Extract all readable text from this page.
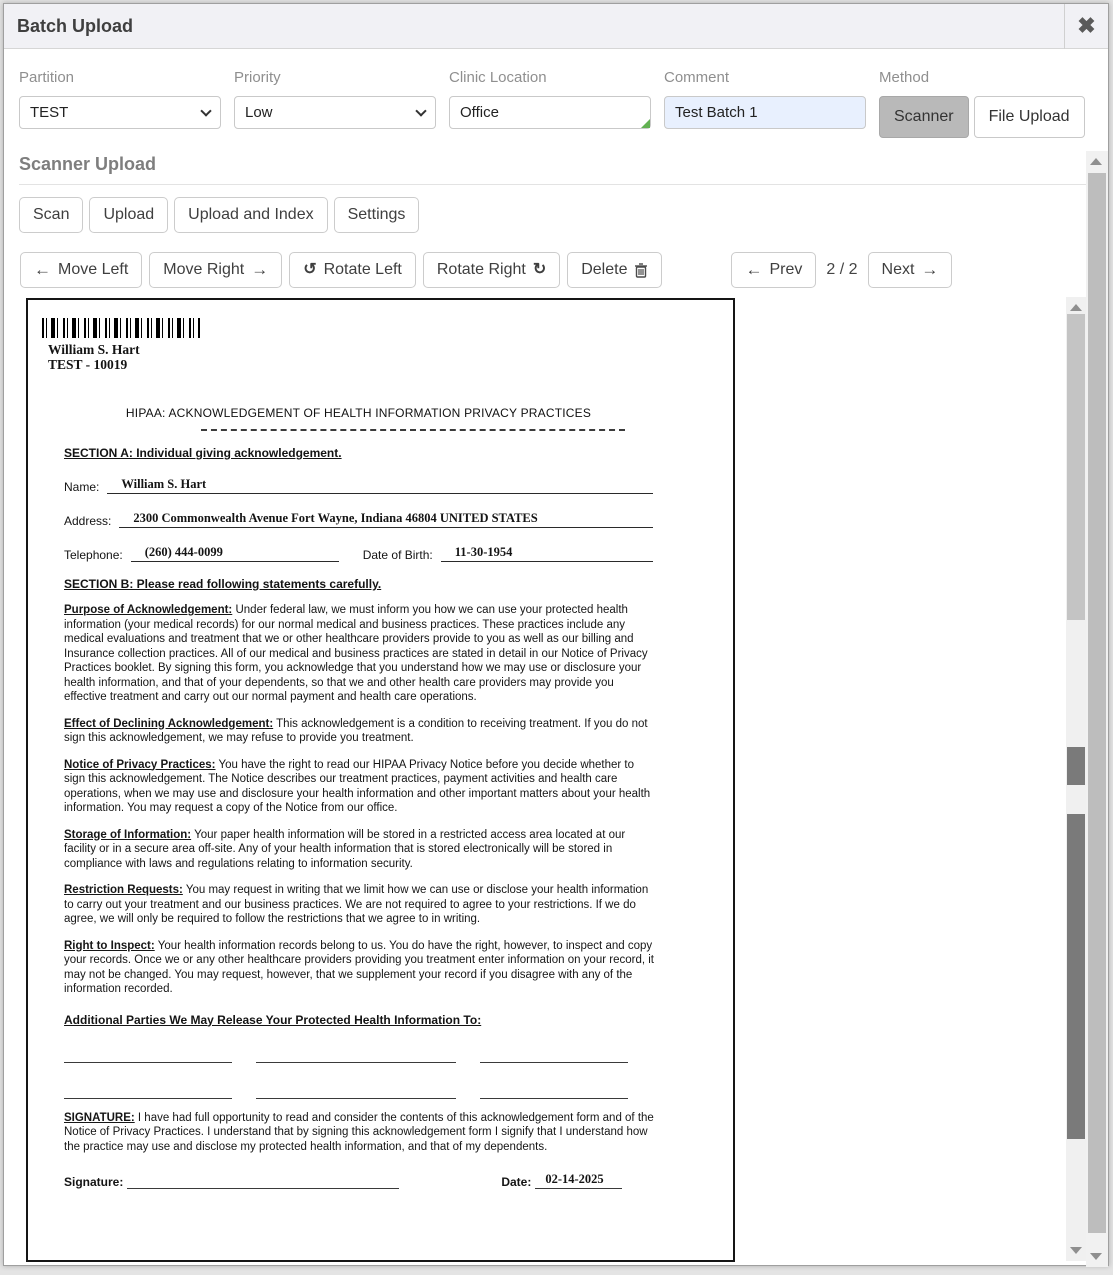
Batch Upload	✖
Partition
TEST
Priority
Low
Clinic Location
Office	Comment
Test Batch 1	Method
Scanner	File Upload
Scanner Upload
Scan	Upload	Upload and Index	Settings
← Move Left Move Right → ↺ Rotate Left Rotate Right ↻ Delete	← Prev 2 / 2 Next →
William S. Hart
TEST - 10019
HIPAA: ACKNOWLEDGEMENT OF HEALTH INFORMATION PRIVACY PRACTICES
SECTION A: Individual giving acknowledgement.
Name:	William S. Hart
Address:	2300 Commonwealth Avenue Fort Wayne, Indiana 46804 UNITED STATES
Telephone:	(260) 444-0099	Date of Birth:	11-30-1954
SECTION B: Please read following statements carefully.

Purpose of Acknowledgement: Under federal law, we must inform you how we can use your protected health information (your medical records) for our normal medical and business practices. These practices include any medical evaluations and treatment that we or other healthcare providers provide to you as well as our billing and Insurance collection practices. All of our medical and business practices are stated in detail in our Notice of Privacy Practices booklet. By signing this form, you acknowledge that you understand how we may use or disclosure your health information, and that of your dependents, so that we and other health care providers may provide you effective treatment and carry out our normal payment and health care operations.

Effect of Declining Acknowledgement: This acknowledgement is a condition to receiving treatment. If you do not sign this acknowledgement, we may refuse to provide you treatment.

Notice of Privacy Practices: You have the right to read our HIPAA Privacy Notice before you decide whether to sign this acknowledgement. The Notice describes our treatment practices, payment activities and health care operations, when we may use and disclosure your health information and other important matters about your health information. You may request a copy of the Notice from our office.

Storage of Information: Your paper health information will be stored in a restricted access area located at our facility or in a secure area off-site. Any of your health information that is stored electronically will be stored in compliance with laws and regulations relating to information security.

Restriction Requests: You may request in writing that we limit how we can use or disclose your health information to carry out your treatment and our business practices. We are not required to agree to your restrictions. If we do agree, we will only be required to follow the restrictions that we agree to in writing.

Right to Inspect: Your health information records belong to us. You do have the right, however, to inspect and copy your records. Once we or any other healthcare providers providing you treatment enter information on your record, it may not be changed. You may request, however, that we supplement your record if you disagree with any of the information recorded.

Additional Parties We May Release Your Protected Health Information To:

SIGNATURE: I have had full opportunity to read and consider the contents of this acknowledgement form and of the Notice of Privacy Practices. I understand that by signing this acknowledgement form I signify that I understand how the practice may use and disclose my protected health information, and that of my dependents.

Signature:	Date:	02-14-2025
